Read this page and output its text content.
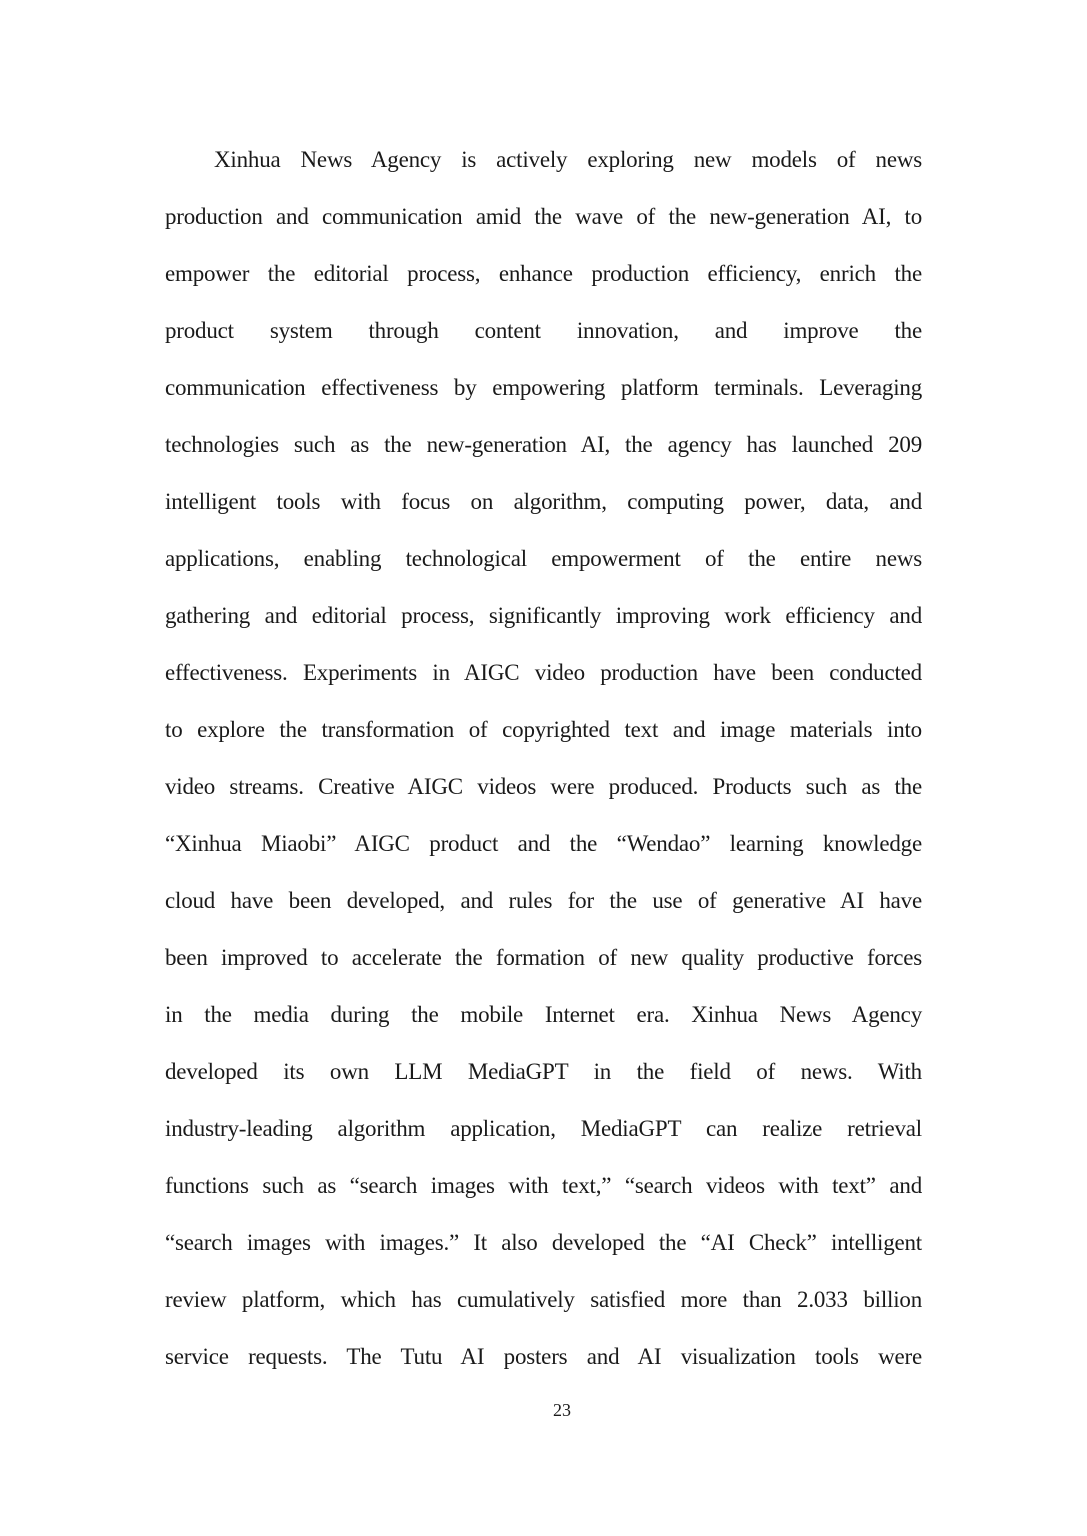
Xinhua News Agency is actively exploring new models of news
production and communication amid the wave of the new-generation AI, to
empower the editorial process, enhance production efficiency, enrich the
product system through content innovation, and improve the
communication effectiveness by empowering platform terminals. Leveraging
technologies such as the new-generation AI, the agency has launched 209
intelligent tools with focus on algorithm, computing power, data, and
applications, enabling technological empowerment of the entire news
gathering and editorial process, significantly improving work efficiency and
effectiveness. Experiments in AIGC video production have been conducted
to explore the transformation of copyrighted text and image materials into
video streams. Creative AIGC videos were produced. Products such as the
“Xinhua Miaobi” AIGC product and the “Wendao” learning knowledge
cloud have been developed, and rules for the use of generative AI have
been improved to accelerate the formation of new quality productive forces
in the media during the mobile Internet era. Xinhua News Agency
developed its own LLM MediaGPT in the field of news. With
industry-leading algorithm application, MediaGPT can realize retrieval
functions such as “search images with text,” “search videos with text” and
“search images with images.” It also developed the “AI Check” intelligent
review platform, which has cumulatively satisfied more than 2.033 billion
service requests. The Tutu AI posters and AI visualization tools were
23
